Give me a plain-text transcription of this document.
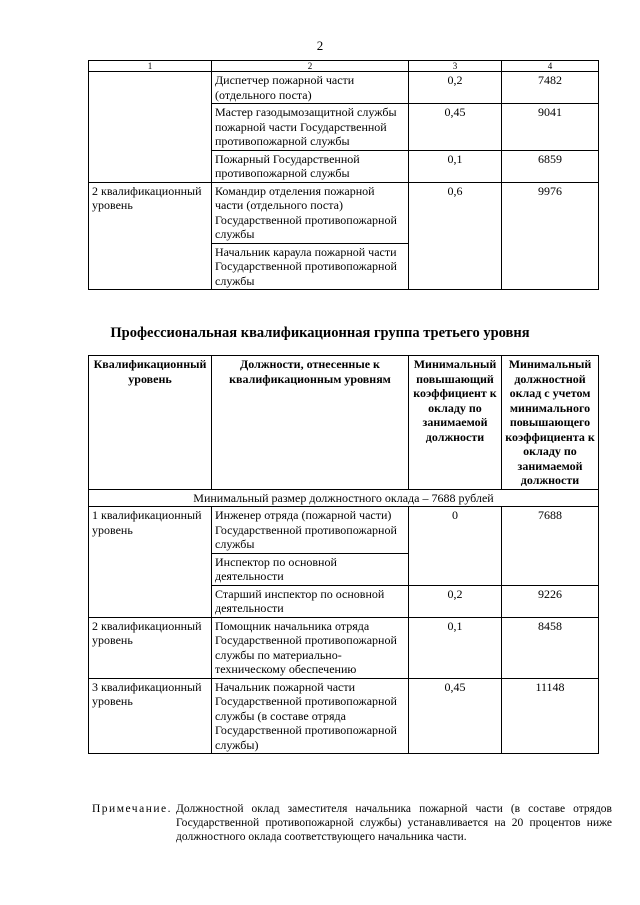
2
1	2	3	4
	Диспетчер пожарной части (отдельного поста)	0,2	7482
	Мастер газодымозащитной службы пожарной части Государственной противопожарной службы	0,45	9041
	Пожарный Государственной противопожарной службы	0,1	6859
2 квалификационный уровень	Командир отделения пожарной части (отдельного поста) Государственной противопожарной службы	0,6	9976
	Начальник караула пожарной части Государственной противопожарной службы		
Профессиональная квалификационная группа третьего уровня
Квалификационный уровень	Должности, отнесенные к квалификационным уровням	Минимальный повышающий коэффициент к окладу по занимаемой должности	Минимальный должностной оклад с учетом минимального повышающего коэффициента к окладу по занимаемой должности
Минимальный размер должностного оклада – 7688 рублей			
1 квалификационный уровень	Инженер отряда (пожарной части) Государственной противопожарной службы	0	7688
	Инспектор по основной деятельности		
	Старший инспектор по основной деятельности	0,2	9226
2 квалификационный уровень	Помощник начальника отряда Государственной противопожарной службы по материально-техническому обеспечению	0,1	8458
3 квалификационный уровень	Начальник пожарной части Государственной противопожарной службы (в составе отряда Государственной противопожарной службы)	0,45	11148
Примечание. Должностной оклад заместителя начальника пожарной части (в составе отрядов Государственной противопожарной службы) устанавливается на 20 процентов ниже должностного оклада соответствующего начальника части.
